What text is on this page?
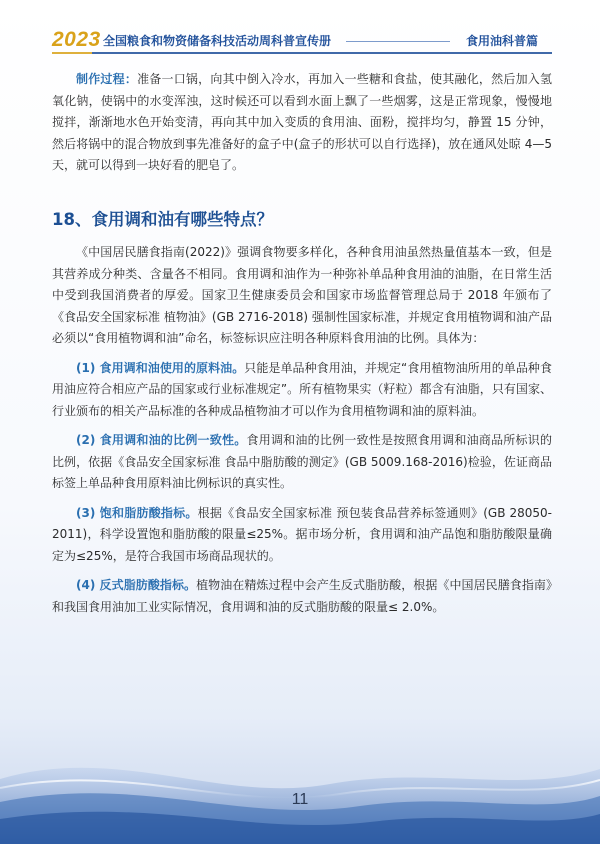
2023 全国粮食和物资储备科技活动周科普宣传册	食用油科普篇

制作过程：准备一口锅，向其中倒入冷水，再加入一些糖和食盐，使其融化，然后加入氢氧化钠，使锅中的水变浑浊，这时候还可以看到水面上飘了一些烟雾，这是正常现象，慢慢地搅拌，渐渐地水色开始变清，再向其中加入变质的食用油、面粉，搅拌均匀，静置 15 分钟，然后将锅中的混合物放到事先准备好的盒子中(盒子的形状可以自行选择)，放在通风处晾 4—5 天，就可以得到一块好看的肥皂了。

18、食用调和油有哪些特点？

《中国居民膳食指南(2022)》强调食物要多样化，各种食用油虽然热量值基本一致，但是其营养成分种类、含量各不相同。食用调和油作为一种弥补单品种食用油的油脂，在日常生活中受到我国消费者的厚爱。国家卫生健康委员会和国家市场监督管理总局于 2018 年颁布了《食品安全国家标准 植物油》(GB 2716-2018) 强制性国家标准，并规定食用植物调和油产品必须以“食用植物调和油”命名，标签标识应注明各种原料食用油的比例。具体为：

(1) 食用调和油使用的原料油。只能是单品种食用油，并规定“食用植物油所用的单品种食用油应符合相应产品的国家或行业标准规定”。所有植物果实（籽粒）都含有油脂，只有国家、行业颁布的相关产品标准的各种成品植物油才可以作为食用植物调和油的原料油。

(2) 食用调和油的比例一致性。食用调和油的比例一致性是按照食用调和油商品所标识的比例，依据《食品安全国家标准 食品中脂肪酸的测定》(GB 5009.168-2016)检验，佐证商品标签上单品种食用原料油比例标识的真实性。

(3) 饱和脂肪酸指标。根据《食品安全国家标准 预包装食品营养标签通则》(GB 28050-2011)，科学设置饱和脂肪酸的限量≤25%。据市场分析，食用调和油产品饱和脂肪酸限量确定为≤25%，是符合我国市场商品现状的。

(4) 反式脂肪酸指标。植物油在精炼过程中会产生反式脂肪酸，根据《中国居民膳食指南》和我国食用油加工业实际情况，食用调和油的反式脂肪酸的限量≤ 2.0%。

11
